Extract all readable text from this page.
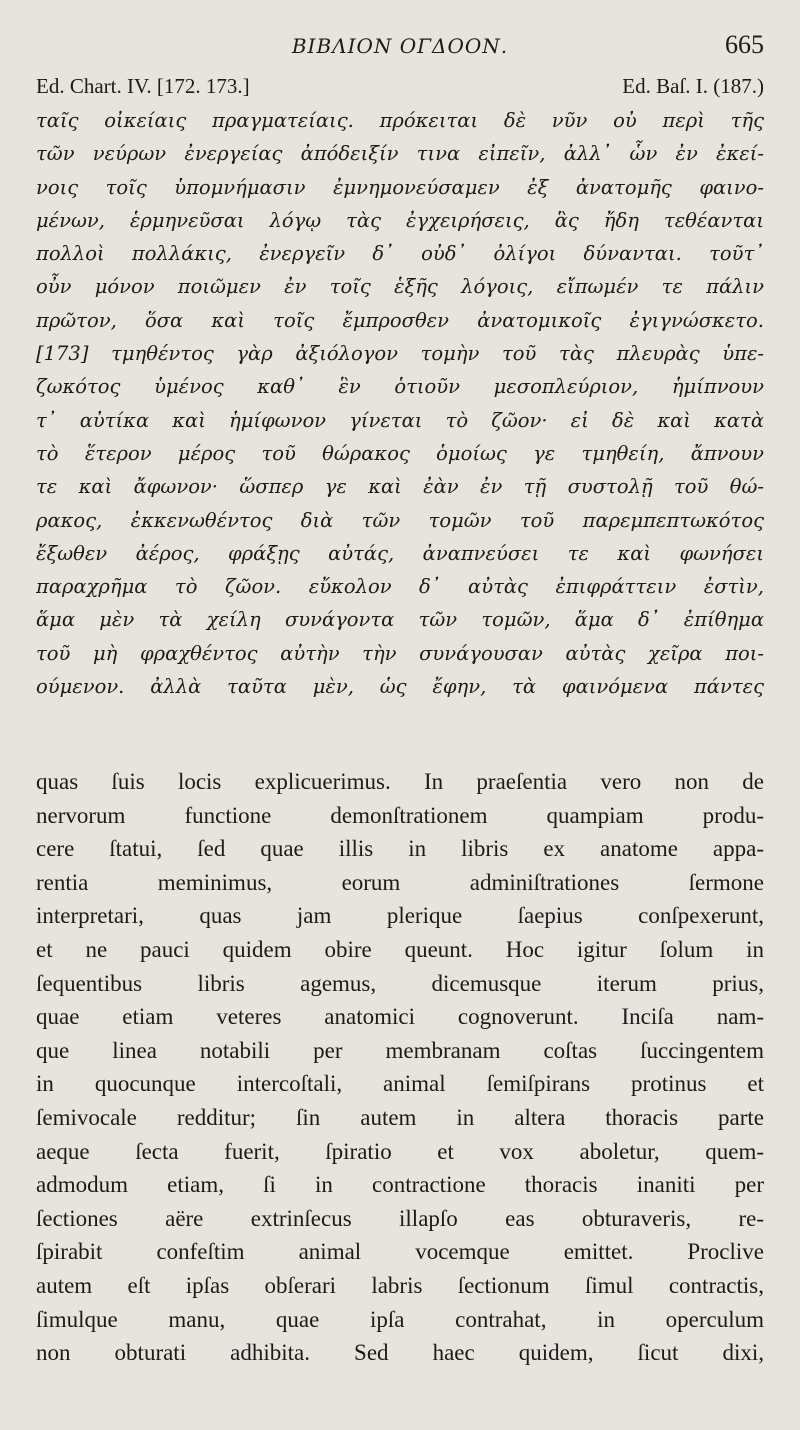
ΒΙΒΛΙΟΝ ΟΓΔΟΟΝ.	665
Ed. Chart. IV. [172. 173.]	Ed. Baſ. I. (187.)
ταῖς οἰκείαις πραγματείαις. πρόκειται δὲ νῦν οὐ περὶ τῆς
τῶν νεύρων ἐνεργείας ἀπόδειξίν τινα εἰπεῖν, ἀλλ᾽ ὧν ἐν ἐκεί-
νοις τοῖς ὑπομνήμασιν ἐμνημονεύσαμεν ἐξ ἀνατομῆς φαινο-
μένων, ἑρμηνεῦσαι λόγῳ τὰς ἐγχειρήσεις, ἃς ἤδη τεθέανται
πολλοὶ πολλάκις, ἐνεργεῖν δ᾽ οὐδ᾽ ὀλίγοι δύνανται. τοῦτ᾽
οὖν μόνον ποιῶμεν ἐν τοῖς ἑξῆς λόγοις, εἴπωμέν τε πάλιν
πρῶτον, ὅσα καὶ τοῖς ἔμπροσθεν ἀνατομικοῖς ἐγιγνώσκετο.
[173] τμηθέντος γὰρ ἀξιόλογον τομὴν τοῦ τὰς πλευρὰς ὑπε-
ζωκότος ὑμένος καθ᾽ ἓν ὁτιοῦν μεσοπλεύριον, ἡμίπνουν
τ᾽ αὐτίκα καὶ ἡμίφωνον γίνεται τὸ ζῶον· εἰ δὲ καὶ κατὰ
τὸ ἕτερον μέρος τοῦ θώρακος ὁμοίως γε τμηθείη, ἄπνουν
τε καὶ ἄφωνον· ὥσπερ γε καὶ ἐὰν ἐν τῇ συστολῇ τοῦ θώ-
ρακος, ἐκκενωθέντος διὰ τῶν τομῶν τοῦ παρεμπεπτωκότος
ἔξωθεν ἀέρος, φράξῃς αὐτάς, ἀναπνεύσει τε καὶ φωνήσει
παραχρῆμα τὸ ζῶον. εὔκολον δ᾽ αὐτὰς ἐπιφράττειν ἐστὶν,
ἅμα μὲν τὰ χείλη συνάγοντα τῶν τομῶν, ἅμα δ᾽ ἐπίθημα
τοῦ μὴ φραχθέντος αὐτὴν τὴν συνάγουσαν αὐτὰς χεῖρα ποι-
ούμενον. ἀλλὰ ταῦτα μὲν, ὡς ἔφην, τὰ φαινόμενα πάντες
quas ſuis locis explicuerimus. In praeſentia vero non de
nervorum functione demonſtrationem quampiam produ-
cere ſtatui, ſed quae illis in libris ex anatome appa-
rentia meminimus, eorum adminiſtrationes ſermone
interpretari, quas jam plerique ſaepius conſpexerunt,
et ne pauci quidem obire queunt. Hoc igitur ſolum in
ſequentibus libris agemus, dicemusque iterum prius,
quae etiam veteres anatomici cognoverunt. Inciſa nam-
que linea notabili per membranam coſtas ſuccingentem
in quocunque intercoſtali, animal ſemiſpirans protinus et
ſemivocale redditur; ſin autem in altera thoracis parte
aeque ſecta fuerit, ſpiratio et vox aboletur, quem-
admodum etiam, ſi in contractione thoracis inaniti per
ſectiones aëre extrinſecus illapſo eas obturaveris, re-
ſpirabit confeſtim animal vocemque emittet. Proclive
autem eſt ipſas obſerari labris ſectionum ſimul contractis,
ſimulque manu, quae ipſa contrahat, in operculum
non obturati adhibita. Sed haec quidem, ſicut dixi,
